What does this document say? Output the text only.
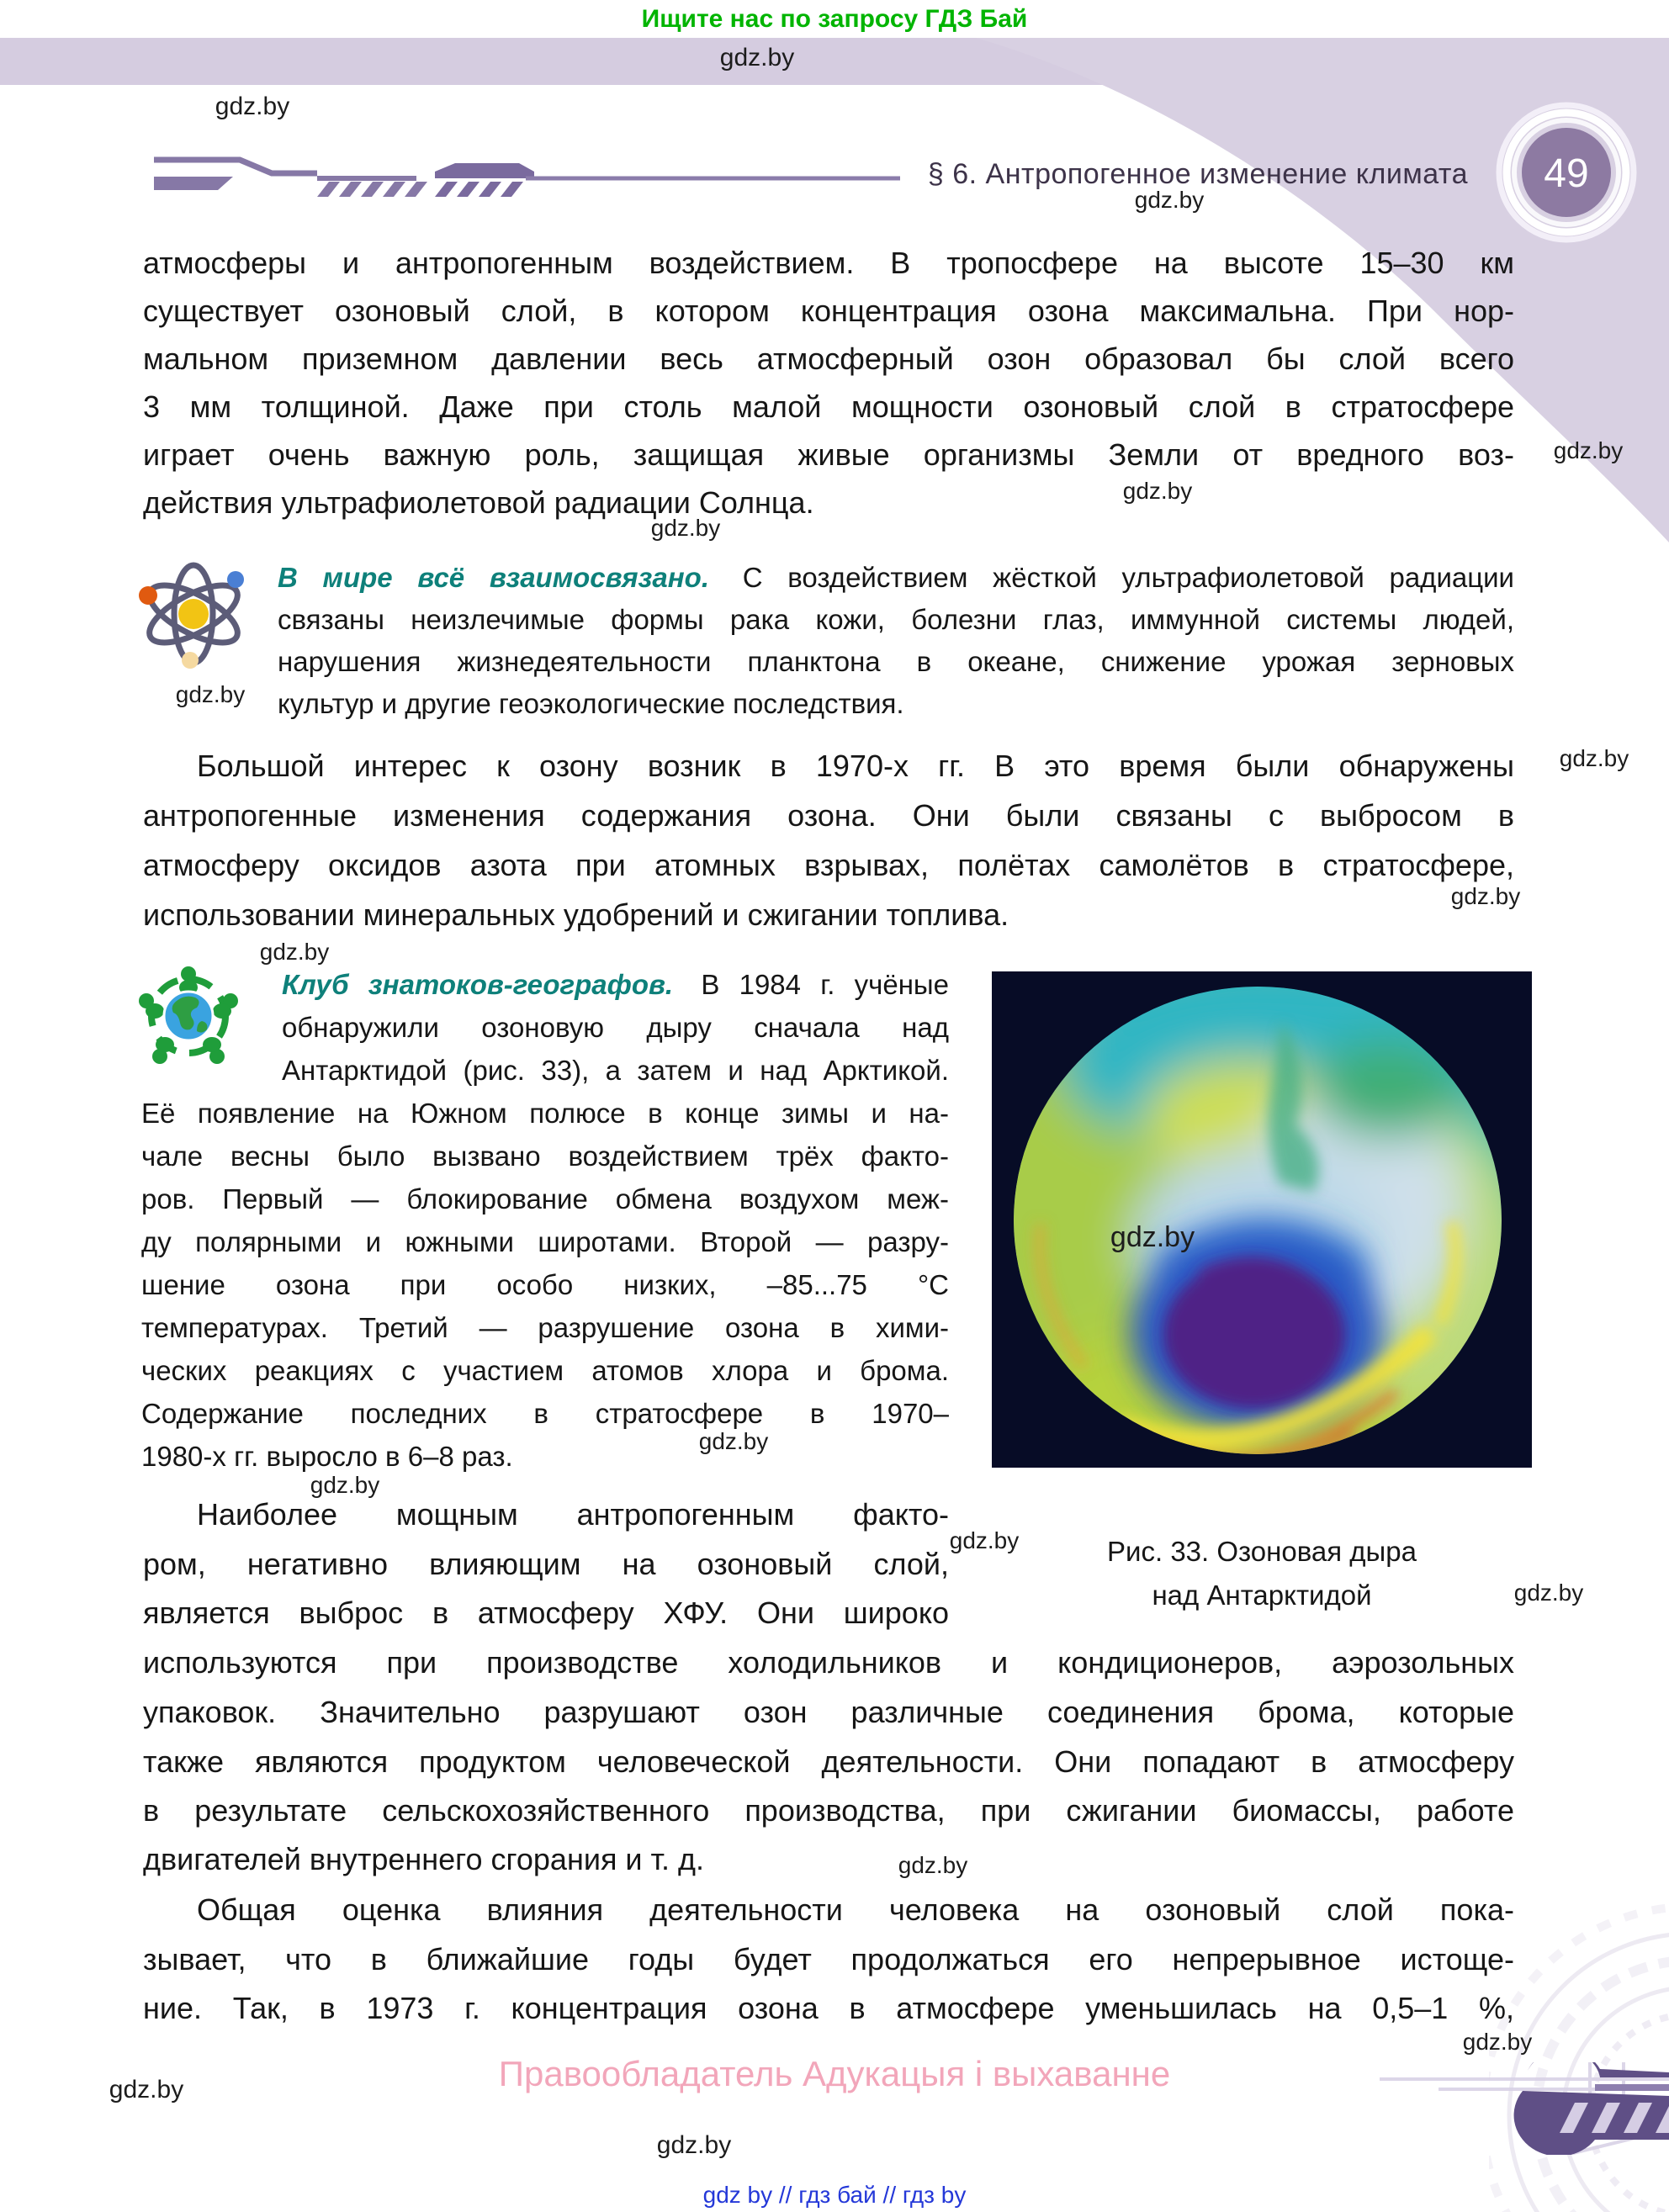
Ищите нас по запросу ГДЗ Бай
49
§ 6. Антропогенное изменение климата
Рис. 33. Озоновая дыра
над Антарктидой
Правообладатель Адукацыя і выхаванне
gdz by // гдз бай // гдз by
атмосферы и антропогенным воздействием. В тропосфере на высоте 15–30 км
существует озоновый слой, в котором концентрация озона максимальна. При нор-
мальном приземном давлении весь атмосферный озон образовал бы слой всего
3 мм толщиной. Даже при столь малой мощности озоновый слой в стратосфере
играет очень важную роль, защищая живые организмы Земли от вредного воз-
действия ультрафиолетовой радиации Солнца.
В мире всё взаимосвязано. С воздействием жёсткой ультрафиолетовой радиации
связаны неизлечимые формы рака кожи, болезни глаз, иммунной системы людей,
нарушения жизнедеятельности планктона в океане, снижение урожая зерновых
культур и другие геоэкологические последствия.
Большой интерес к озону возник в 1970-х гг. В это время были обнаружены
антропогенные изменения содержания озона. Они были связаны с выбросом в
атмосферу оксидов азота при атомных взрывах, полётах самолётов в стратосфере,
использовании минеральных удобрений и сжигании топлива.
Клуб знатоков-географов. В 1984 г. учёные
обнаружили озоновую дыру сначала над
Антарктидой (рис. 33), а затем и над Арктикой.
Её появление на Южном полюсе в конце зимы и на-
чале весны было вызвано воздействием трёх факто-
ров. Первый — блокирование обмена воздухом меж-
ду полярными и южными широтами. Второй — разру-
шение озона при особо низких, –85...75 °С
температурах. Третий — разрушение озона в хими-
ческих реакциях с участием атомов хлора и брома.
Содержание последних в стратосфере в 1970–
1980-х гг. выросло в 6–8 раз.
Наиболее мощным антропогенным факто-
ром, негативно влияющим на озоновый слой,
является выброс в атмосферу ХФУ. Они широко
используются при производстве холодильников и кондиционеров, аэрозольных
упаковок. Значительно разрушают озон различные соединения брома, которые
также являются продуктом человеческой деятельности. Они попадают в атмосферу
в результате сельскохозяйственного производства, при сжигании биомассы, работе
двигателей внутреннего сгорания и т. д.
Общая оценка влияния деятельности человека на озоновый слой пока-
зывает, что в ближайшие годы будет продолжаться его непрерывное истоще-
ние. Так, в 1973 г. концентрация озона в атмосфере уменьшилась на 0,5–1 %,
gdz.by
gdz.by
gdz.by
gdz.by
gdz.by
gdz.by
gdz.by
gdz.by
gdz.by
gdz.by
gdz.by
gdz.by
gdz.by
gdz.by
gdz.by
gdz.by
gdz.by
gdz.by
gdz.by
